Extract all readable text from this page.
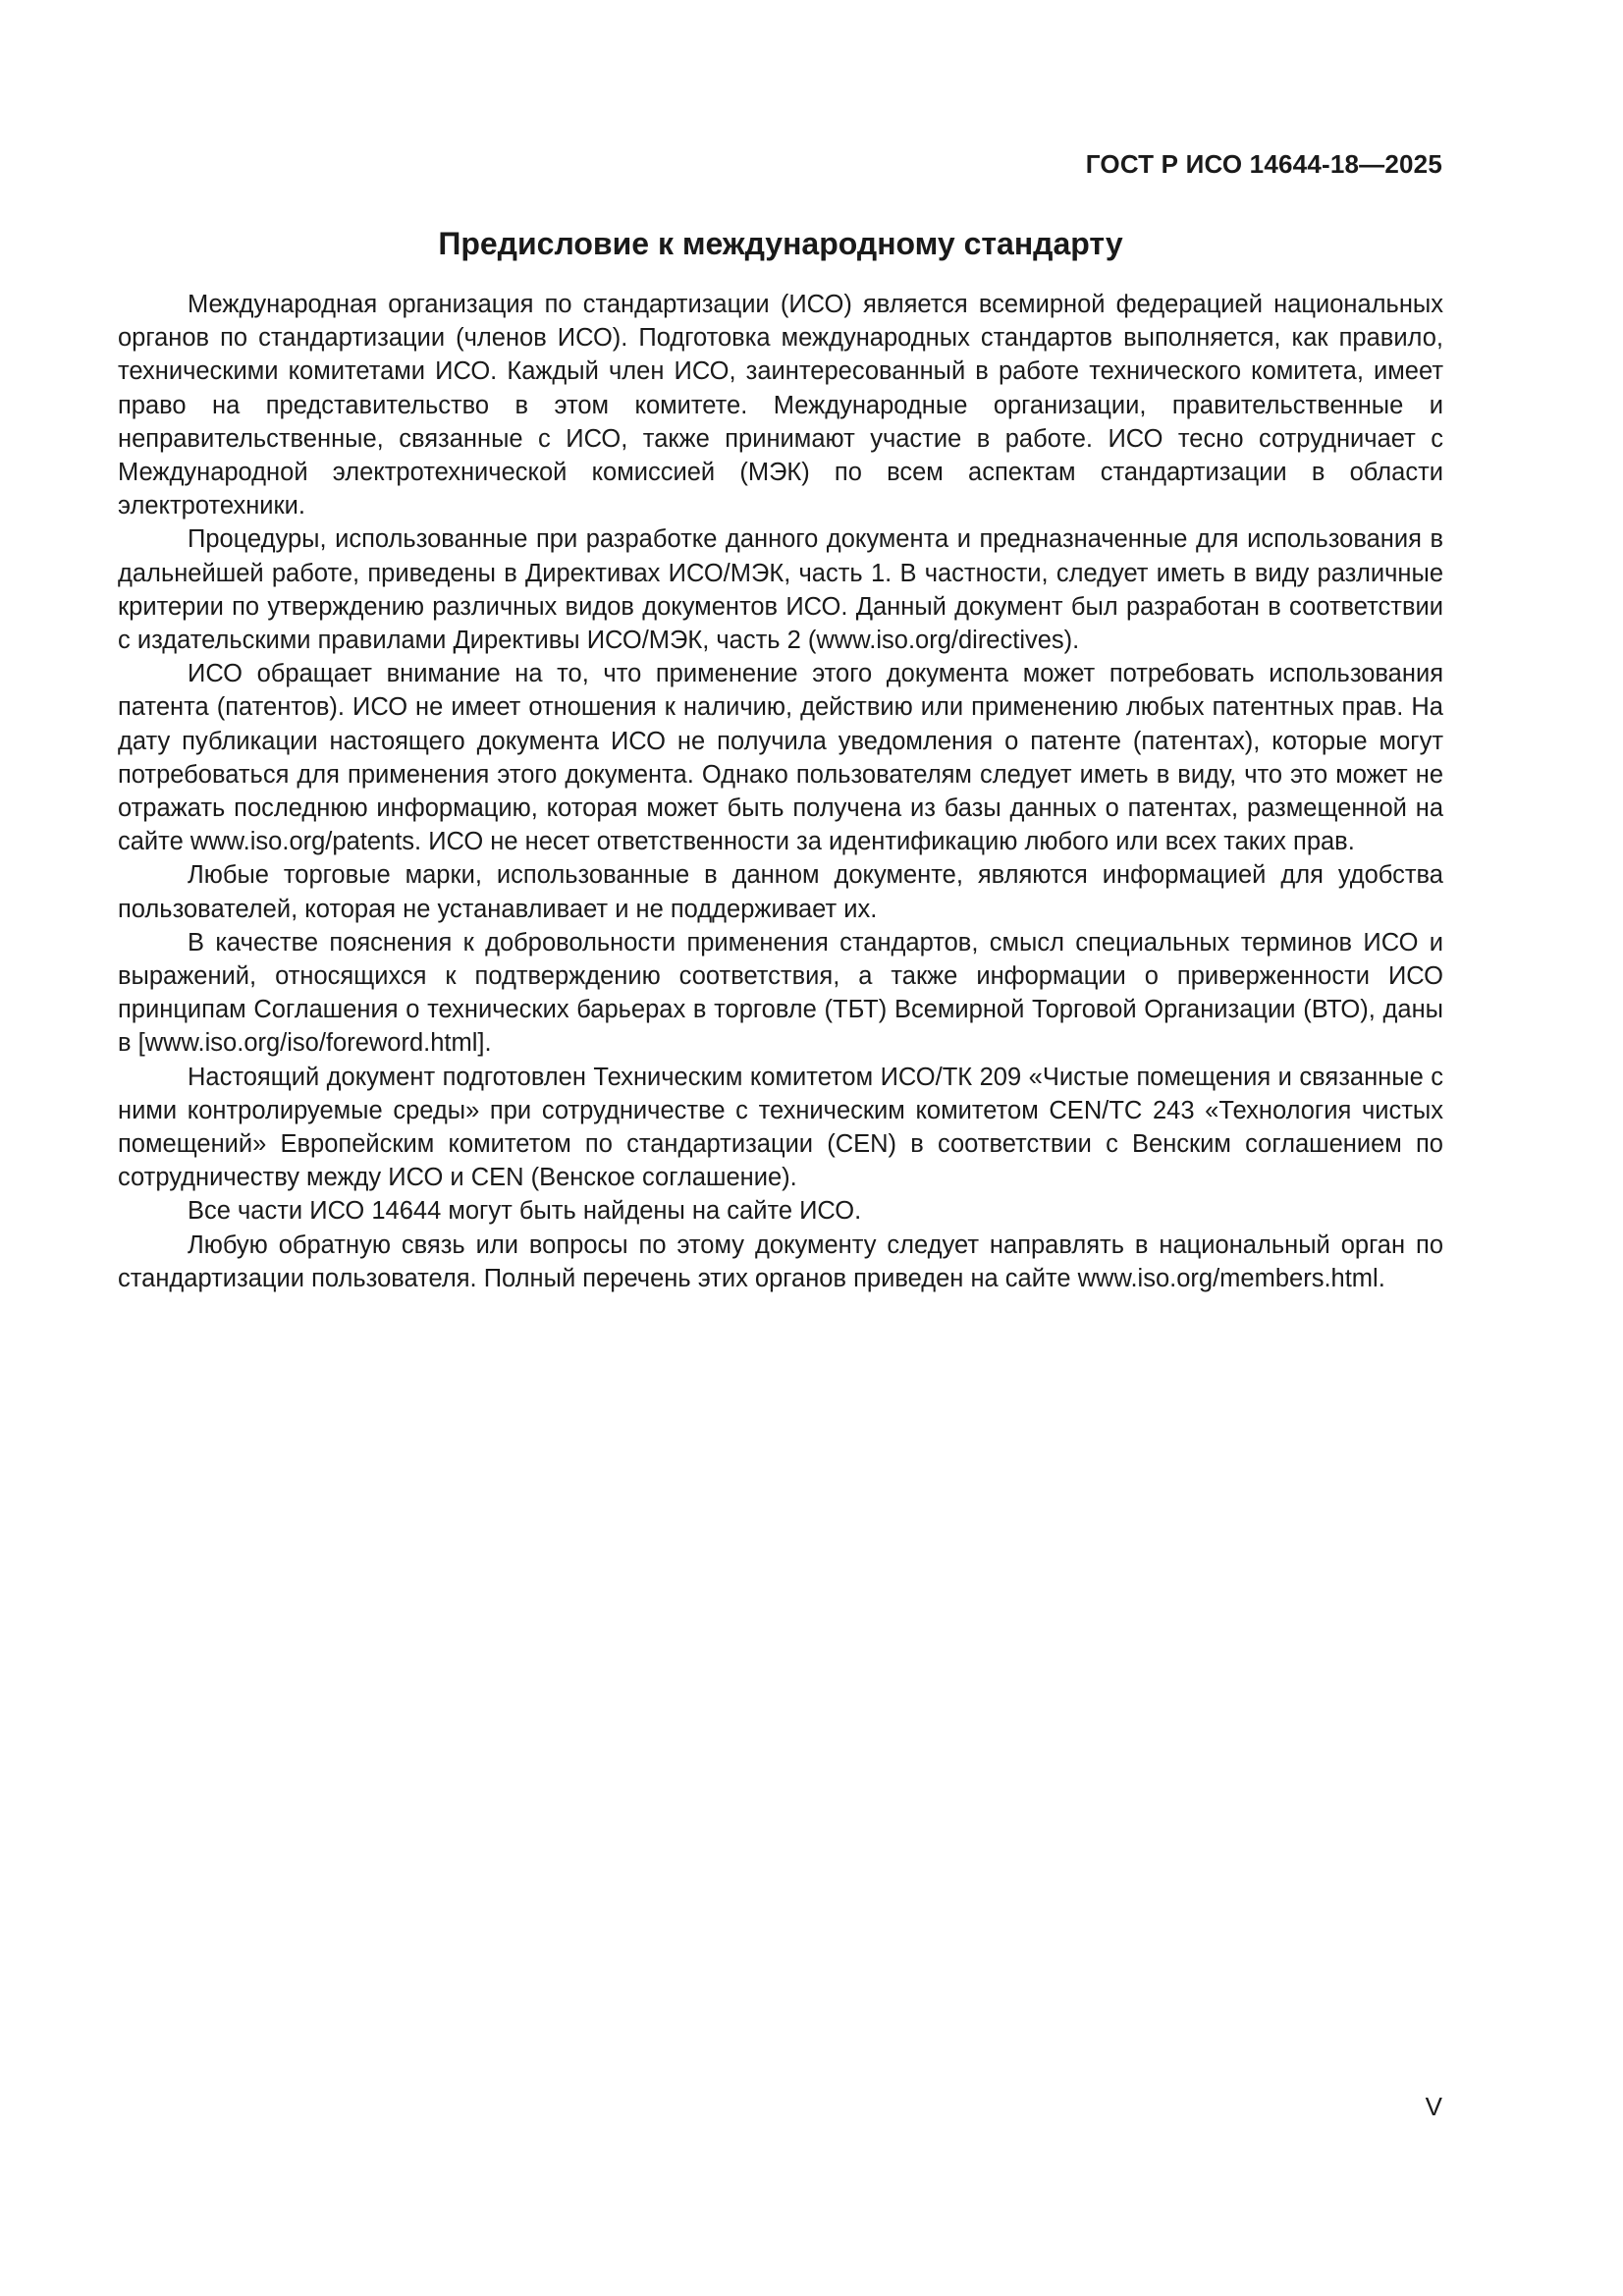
ГОСТ Р ИСО 14644-18—2025
Предисловие к международному стандарту

Международная организация по стандартизации (ИСО) является всемирной федерацией национальных органов по стандартизации (членов ИСО). Подготовка международных стандартов выполняется, как правило, техническими комитетами ИСО. Каждый член ИСО, заинтересованный в работе технического комитета, имеет право на представительство в этом комитете. Международные организации, правительственные и неправительственные, связанные с ИСО, также принимают участие в работе. ИСО тесно сотрудничает с Международной электротехнической комиссией (МЭК) по всем аспектам стандартизации в области электротехники.

Процедуры, использованные при разработке данного документа и предназначенные для использования в дальнейшей работе, приведены в Директивах ИСО/МЭК, часть 1. В частности, следует иметь в виду различные критерии по утверждению различных видов документов ИСО. Данный документ был разработан в соответствии с издательскими правилами Директивы ИСО/МЭК, часть 2 (www.iso.org/directives).

ИСО обращает внимание на то, что применение этого документа может потребовать использования патента (патентов). ИСО не имеет отношения к наличию, действию или применению любых патентных прав. На дату публикации настоящего документа ИСО не получила уведомления о патенте (патентах), которые могут потребоваться для применения этого документа. Однако пользователям следует иметь в виду, что это может не отражать последнюю информацию, которая может быть получена из базы данных о патентах, размещенной на сайте www.iso.org/patents. ИСО не несет ответственности за идентификацию любого или всех таких прав.

Любые торговые марки, использованные в данном документе, являются информацией для удобства пользователей, которая не устанавливает и не поддерживает их.

В качестве пояснения к добровольности применения стандартов, смысл специальных терминов ИСО и выражений, относящихся к подтверждению соответствия, а также информации о приверженности ИСО принципам Соглашения о технических барьерах в торговле (ТБТ) Всемирной Торговой Организации (ВТО), даны в [www.iso.org/iso/foreword.html].

Настоящий документ подготовлен Техническим комитетом ИСО/ТК 209 «Чистые помещения и связанные с ними контролируемые среды» при сотрудничестве с техническим комитетом CEN/TC 243 «Технология чистых помещений» Европейским комитетом по стандартизации (CEN) в соответствии с Венским соглашением по сотрудничеству между ИСО и CEN (Венское соглашение).

Все части ИСО 14644 могут быть найдены на сайте ИСО.

Любую обратную связь или вопросы по этому документу следует направлять в национальный орган по стандартизации пользователя. Полный перечень этих органов приведен на сайте www.iso.org/members.html.

V
